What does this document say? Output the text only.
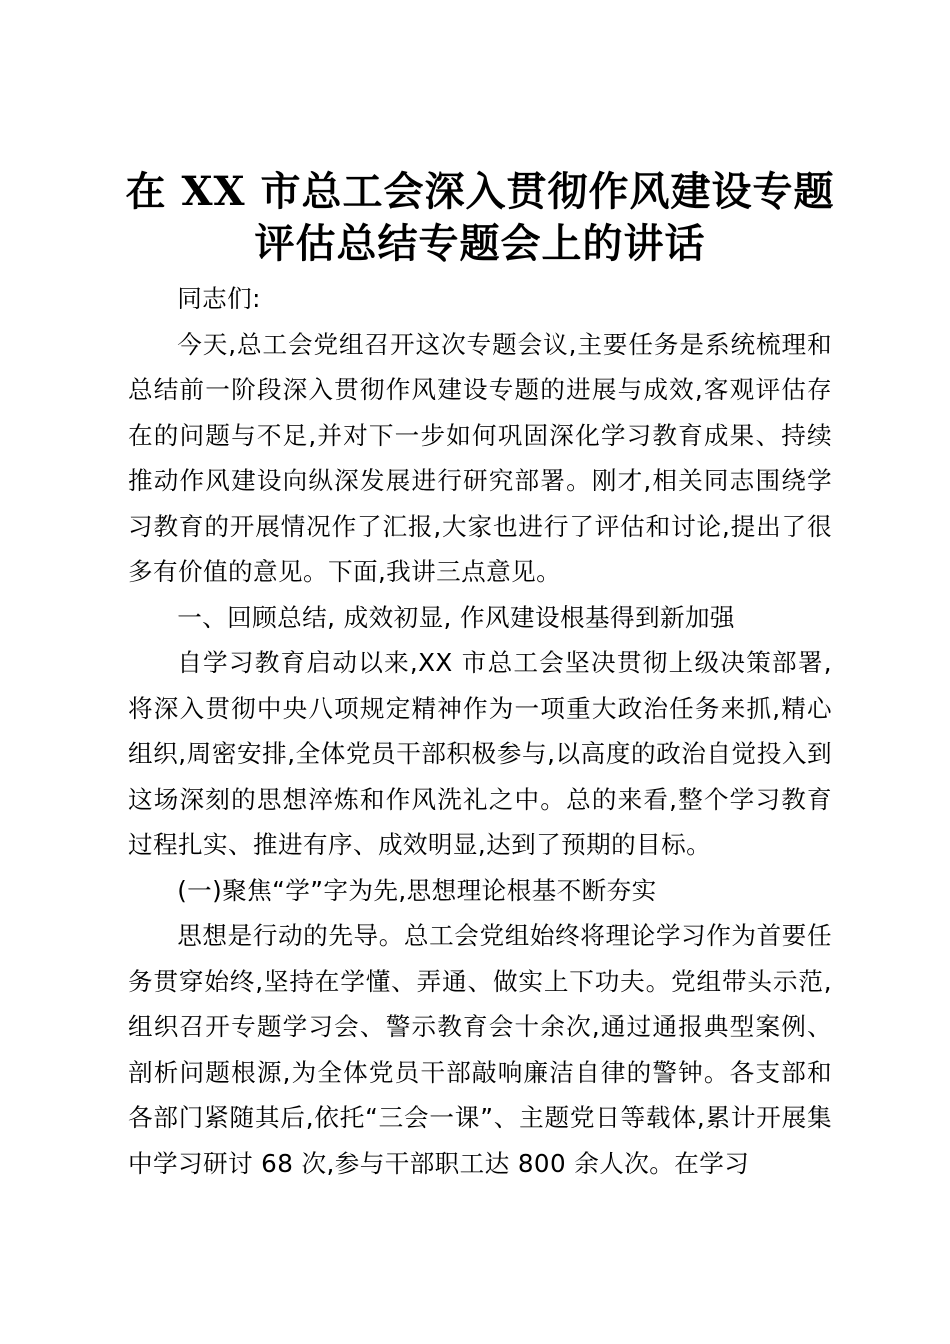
在 XX 市总工会深入贯彻作风建设专题
评估总结专题会上的讲话

同志们:

今天,总工会党组召开这次专题会议,主要任务是系统梳理和总结前一阶段深入贯彻作风建设专题的进展与成效,客观评估存在的问题与不足,并对下一步如何巩固深化学习教育成果、持续推动作风建设向纵深发展进行研究部署。刚才,相关同志围绕学习教育的开展情况作了汇报,大家也进行了评估和讨论,提出了很多有价值的意见。下面,我讲三点意见。

一、回顾总结, 成效初显, 作风建设根基得到新加强

自学习教育启动以来,XX 市总工会坚决贯彻上级决策部署,将深入贯彻中央八项规定精神作为一项重大政治任务来抓,精心组织,周密安排,全体党员干部积极参与,以高度的政治自觉投入到这场深刻的思想淬炼和作风洗礼之中。总的来看,整个学习教育过程扎实、推进有序、成效明显,达到了预期的目标。

(一)聚焦“学”字为先,思想理论根基不断夯实

思想是行动的先导。总工会党组始终将理论学习作为首要任务贯穿始终,坚持在学懂、弄通、做实上下功夫。党组带头示范,组织召开专题学习会、警示教育会十余次,通过通报典型案例、剖析问题根源,为全体党员干部敲响廉洁自律的警钟。各支部和各部门紧随其后,依托“三会一课”、主题党日等载体,累计开展集中学习研讨 68 次,参与干部职工达 800 余人次。在学习
